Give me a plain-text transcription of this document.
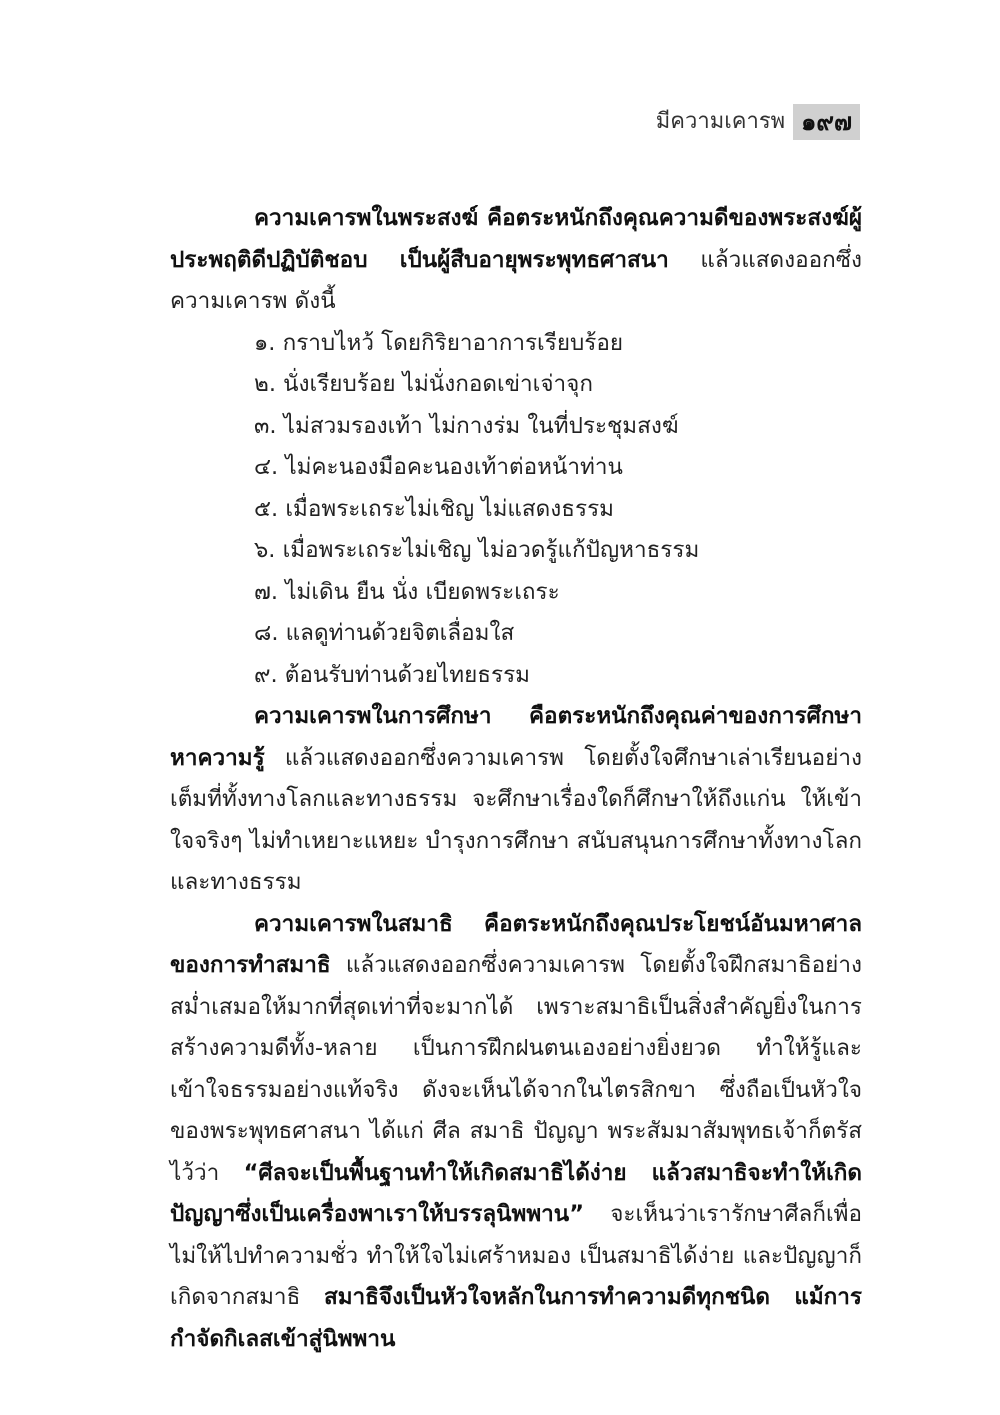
มีความเคารพ ๑๙๗

ความเคารพในพระสงฆ์ คือตระหนักถึงคุณความดีของพระสงฆ์ผู้ประพฤติดีปฏิบัติชอบ เป็นผู้สืบอายุพระพุทธศาสนา แล้วแสดงออกซึ่งความเคารพ ดังนี้

๑. กราบไหว้ โดยกิริยาอาการเรียบร้อย
๒. นั่งเรียบร้อย ไม่นั่งกอดเข่าเจ่าจุก
๓. ไม่สวมรองเท้า ไม่กางร่ม ในที่ประชุมสงฆ์
๔. ไม่คะนองมือคะนองเท้าต่อหน้าท่าน
๕. เมื่อพระเถระไม่เชิญ ไม่แสดงธรรม
๖. เมื่อพระเถระไม่เชิญ ไม่อวดรู้แก้ปัญหาธรรม
๗. ไม่เดิน ยืน นั่ง เบียดพระเถระ
๘. แลดูท่านด้วยจิตเลื่อมใส
๙. ต้อนรับท่านด้วยไทยธรรม

ความเคารพในการศึกษา คือตระหนักถึงคุณค่าของการศึกษาหาความรู้ แล้วแสดงออกซึ่งความเคารพ โดยตั้งใจศึกษาเล่าเรียนอย่างเต็มที่ทั้งทางโลกและทางธรรม จะศึกษาเรื่องใดก็ศึกษาให้ถึงแก่น ให้เข้าใจจริงๆ ไม่ทำเหยาะแหยะ บำรุงการศึกษา สนับสนุนการศึกษาทั้งทางโลกและทางธรรม

ความเคารพในสมาธิ คือตระหนักถึงคุณประโยชน์อันมหาศาลของการทำสมาธิ แล้วแสดงออกซึ่งความเคารพ โดยตั้งใจฝึกสมาธิอย่างสม่ำเสมอให้มากที่สุดเท่าที่จะมากได้ เพราะสมาธิเป็นสิ่งสำคัญยิ่งในการสร้างความดีทั้ง-หลาย เป็นการฝึกฝนตนเองอย่างยิ่งยวด ทำให้รู้และเข้าใจธรรมอย่างแท้จริง ดังจะเห็นได้จากในไตรสิกขา ซึ่งถือเป็นหัวใจของพระพุทธศาสนา ได้แก่ ศีล สมาธิ ปัญญา พระสัมมาสัมพุทธเจ้าก็ตรัสไว้ว่า “ศีลจะเป็นพื้นฐานทำให้เกิดสมาธิได้ง่าย แล้วสมาธิจะทำให้เกิดปัญญาซึ่งเป็นเครื่องพาเราให้บรรลุนิพพาน” จะเห็นว่าเรารักษาศีลก็เพื่อไม่ให้ไปทำความชั่ว ทำให้ใจไม่เศร้าหมอง เป็นสมาธิได้ง่าย และปัญญาก็เกิดจากสมาธิ สมาธิจึงเป็นหัวใจหลักในการทำความดีทุกชนิด แม้การกำจัดกิเลสเข้าสู่นิพพาน
